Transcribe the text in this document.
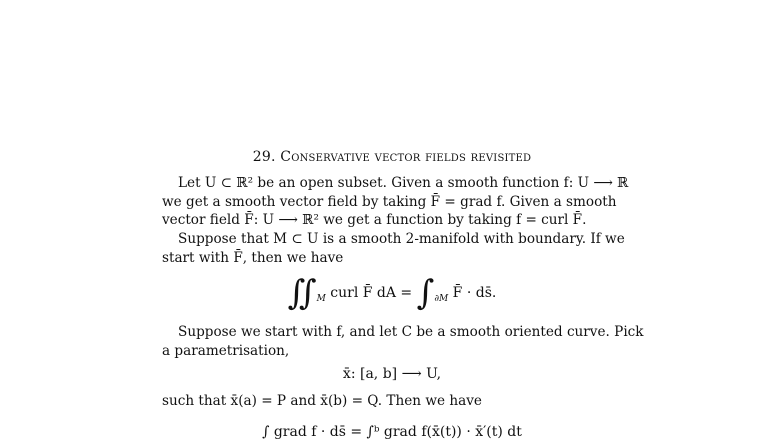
29. Conservative vector fields revisited
Let U ⊂ ℝ² be an open subset. Given a smooth function f: U ⟶ ℝ
we get a smooth vector field by taking F̄ = grad f. Given a smooth
vector field F̄: U ⟶ ℝ² we get a function by taking f = curl F̄.
Suppose that M ⊂ U is a smooth 2-manifold with boundary. If we
start with F̄, then we have
$∬_M$ curl F̄ dA = $\int_{\partial M}$ F̄ · ds̄.
Suppose we start with f, and let C be a smooth oriented curve. Pick
a parametrisation,
x̄: [a, b] ⟶ U,
such that x̄(a) = P and x̄(b) = Q. Then we have
∫ grad f · ds̄ = ∫ᵇ grad f(x̄(t)) · x̄′(t) dt
